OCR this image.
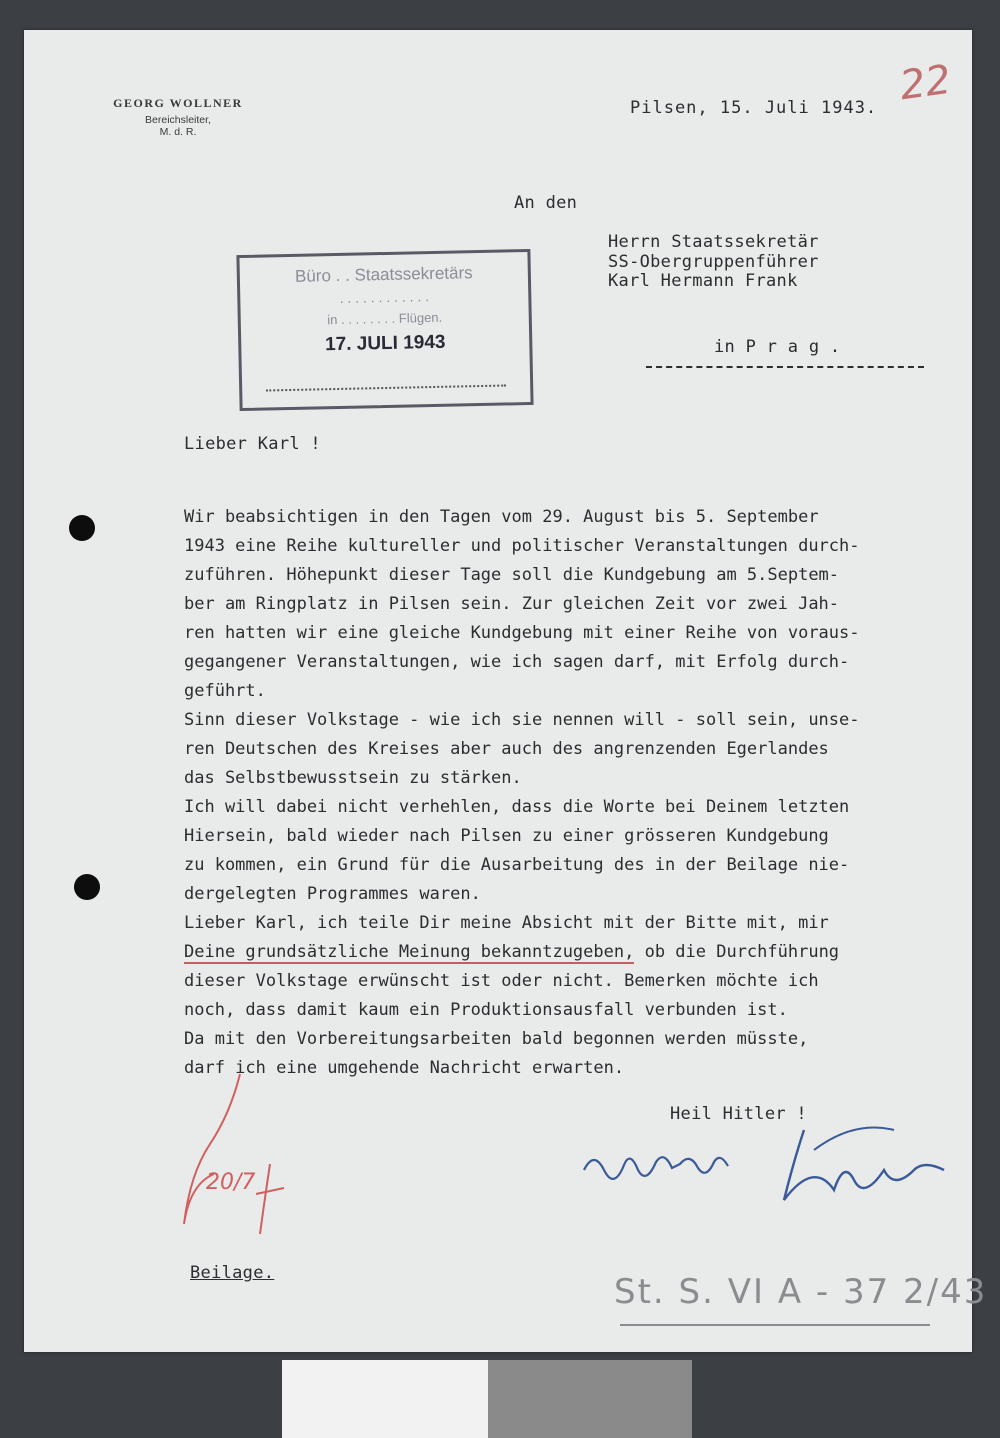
GEORG WOLLNER
Bereichsleiter,
M. d. R.
22
Pilsen, 15. Juli 1943.
An den
Herrn Staatssekretär
SS-Obergruppenführer
Karl Hermann Frank
in P r a g .
Büro . . Staatssekretärs
. . . . . . . . . . . .
in . . . . . . . . Flügen.
17. JULI 1943
Lieber Karl !

Wir beabsichtigen in den Tagen vom 29. August bis 5. September

1943 eine Reihe kultureller und politischer Veranstaltungen durch-

zuführen. Höhepunkt dieser Tage soll die Kundgebung am 5.Septem-

ber am Ringplatz in Pilsen sein. Zur gleichen Zeit vor zwei Jah-

ren hatten wir eine gleiche Kundgebung mit einer Reihe von voraus-

gegangener Veranstaltungen, wie ich sagen darf, mit Erfolg durch-

geführt.

Sinn dieser Volkstage - wie ich sie nennen will - soll sein, unse-

ren Deutschen des Kreises aber auch des angrenzenden Egerlandes

das Selbstbewusstsein zu stärken.

Ich will dabei nicht verhehlen, dass die Worte bei Deinem letzten

Hiersein, bald wieder nach Pilsen zu einer grösseren Kundgebung

zu kommen, ein Grund für die Ausarbeitung des in der Beilage nie-

dergelegten Programmes waren.

Lieber Karl, ich teile Dir meine Absicht mit der Bitte mit, mir

Deine grundsätzliche Meinung bekanntzugeben, ob die Durchführung

dieser Volkstage erwünscht ist oder nicht. Bemerken möchte ich

noch, dass damit kaum ein Produktionsausfall verbunden ist.

Da mit den Vorbereitungsarbeiten bald begonnen werden müsste,

darf ich eine umgehende Nachricht erwarten.

Heil Hitler !
20/7
Beilage.	St. S. VI A - 37 2/43
